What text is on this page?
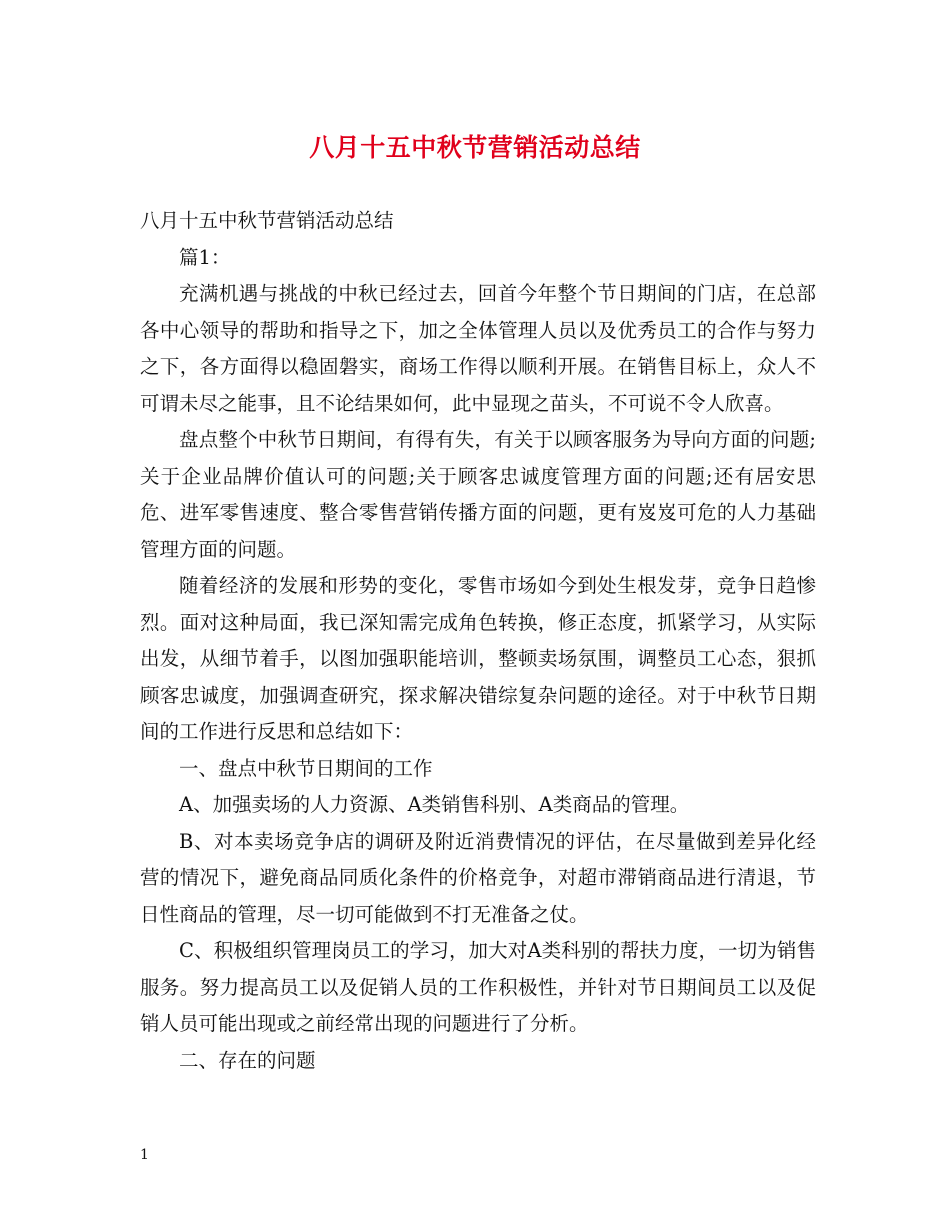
八月十五中秋节营销活动总结

八月十五中秋节营销活动总结

篇1：

充满机遇与挑战的中秋已经过去，回首今年整个节日期间的门店，在总部各中心领导的帮助和指导之下，加之全体管理人员以及优秀员工的合作与努力之下，各方面得以稳固磐实，商场工作得以顺利开展。在销售目标上，众人不可谓未尽之能事，且不论结果如何，此中显现之苗头，不可说不令人欣喜。

盘点整个中秋节日期间，有得有失，有关于以顾客服务为导向方面的问题;关于企业品牌价值认可的问题;关于顾客忠诚度管理方面的问题;还有居安思危、进军零售速度、整合零售营销传播方面的问题，更有岌岌可危的人力基础管理方面的问题。

随着经济的发展和形势的变化，零售市场如今到处生根发芽，竞争日趋惨烈。面对这种局面，我已深知需完成角色转换，修正态度，抓紧学习，从实际出发，从细节着手，以图加强职能培训，整顿卖场氛围，调整员工心态，狠抓顾客忠诚度，加强调查研究，探求解决错综复杂问题的途径。对于中秋节日期间的工作进行反思和总结如下：

一、盘点中秋节日期间的工作

A、加强卖场的人力资源、A类销售科别、A类商品的管理。

B、对本卖场竞争店的调研及附近消费情况的评估，在尽量做到差异化经营的情况下，避免商品同质化条件的价格竞争，对超市滞销商品进行清退，节日性商品的管理，尽一切可能做到不打无准备之仗。

C、积极组织管理岗员工的学习，加大对A类科别的帮扶力度，一切为销售服务。努力提高员工以及促销人员的工作积极性，并针对节日期间员工以及促销人员可能出现或之前经常出现的问题进行了分析。

二、存在的问题

1
